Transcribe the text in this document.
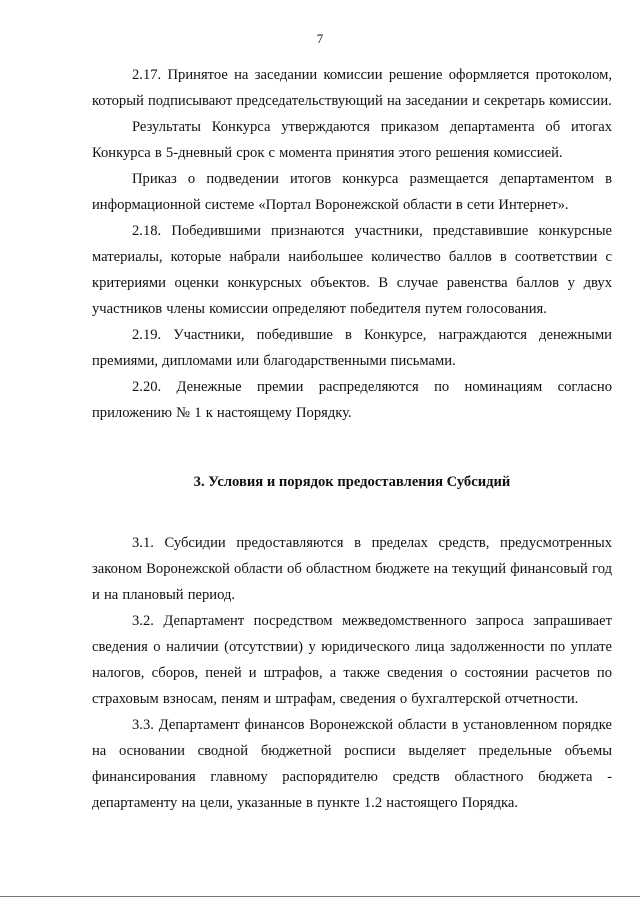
7

2.17. Принятое на заседании комиссии решение оформляется протоколом, который подписывают председательствующий на заседании и секретарь комиссии.

Результаты Конкурса утверждаются приказом департамента об итогах Конкурса в 5-дневный срок с момента принятия этого решения комиссией.

Приказ о подведении итогов конкурса размещается департаментом в информационной системе «Портал Воронежской области в сети Интернет».

2.18. Победившими признаются участники, представившие конкурсные материалы, которые набрали наибольшее количество баллов в соответствии с критериями оценки конкурсных объектов. В случае равенства баллов у двух участников члены комиссии определяют победителя путем голосования.

2.19. Участники, победившие в Конкурсе, награждаются денежными премиями, дипломами или благодарственными письмами.

2.20. Денежные премии распределяются по номинациям согласно приложению № 1 к настоящему Порядку.

3. Условия и порядок предоставления Субсидий

3.1. Субсидии предоставляются в пределах средств, предусмотренных законом Воронежской области об областном бюджете на текущий финансовый год и на плановый период.

3.2. Департамент посредством межведомственного запроса запрашивает сведения о наличии (отсутствии) у юридического лица задолженности по уплате налогов, сборов, пеней и штрафов, а также сведения о состоянии расчетов по страховым взносам, пеням и штрафам, сведения о бухгалтерской отчетности.

3.3. Департамент финансов Воронежской области в установленном порядке на основании сводной бюджетной росписи выделяет предельные объемы финансирования главному распорядителю средств областного бюджета - департаменту на цели, указанные в пункте 1.2 настоящего Порядка.
